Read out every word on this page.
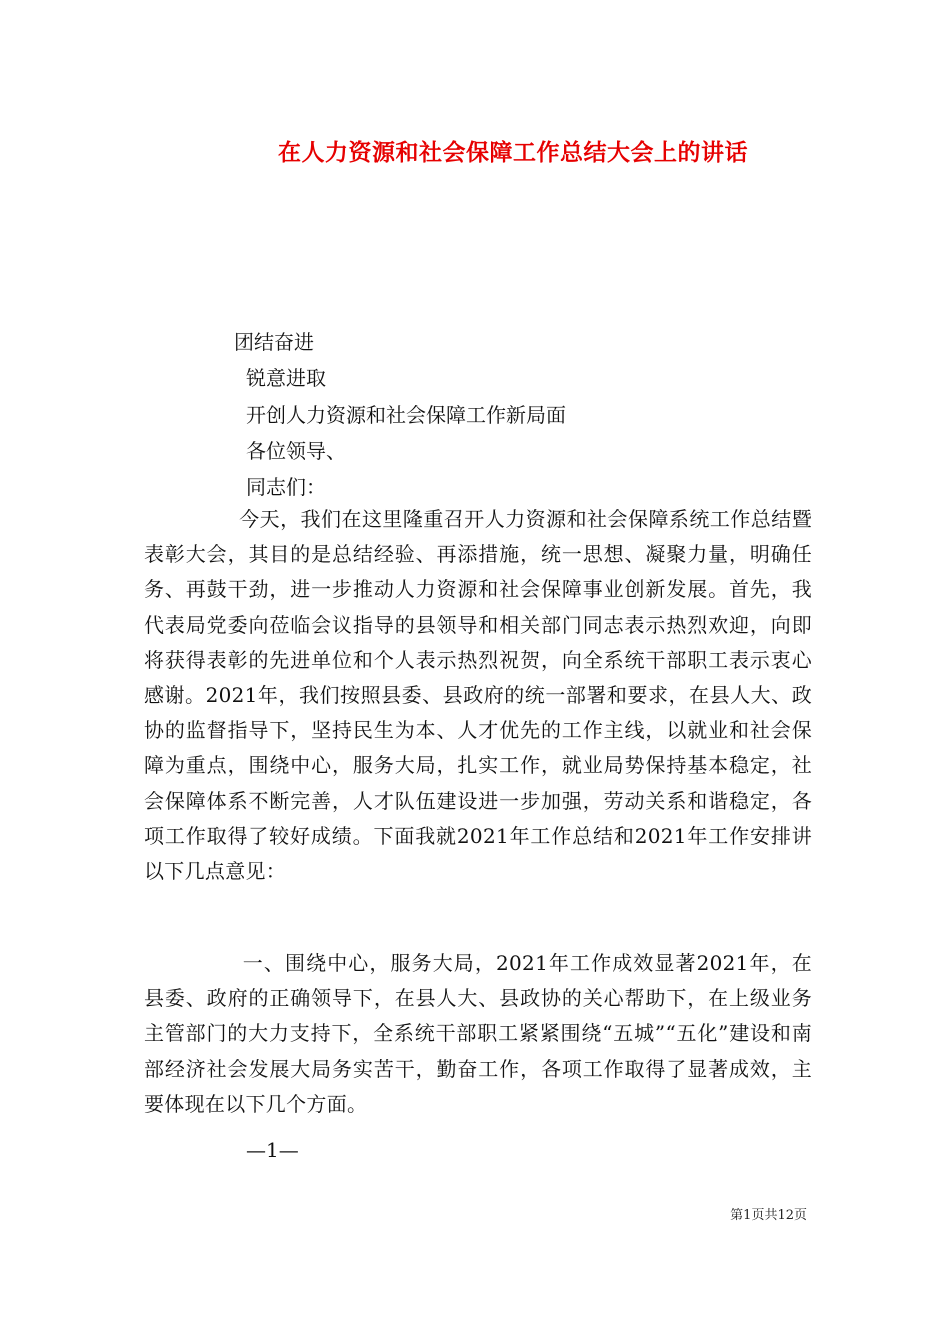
在人力资源和社会保障工作总结大会上的讲话
团结奋进
锐意进取
开创人力资源和社会保障工作新局面
各位领导、
同志们：
今天，我们在这里隆重召开人力资源和社会保障系统工作总结暨表彰大会，其目的是总结经验、再添措施，统一思想、凝聚力量，明确任务、再鼓干劲，进一步推动人力资源和社会保障事业创新发展。首先，我代表局党委向莅临会议指导的县领导和相关部门同志表示热烈欢迎，向即将获得表彰的先进单位和个人表示热烈祝贺，向全系统干部职工表示衷心感谢。2021年，我们按照县委、县政府的统一部署和要求，在县人大、政协的监督指导下，坚持民生为本、人才优先的工作主线，以就业和社会保障为重点，围绕中心，服务大局，扎实工作，就业局势保持基本稳定，社会保障体系不断完善，人才队伍建设进一步加强，劳动关系和谐稳定，各项工作取得了较好成绩。下面我就2021年工作总结和2021年工作安排讲以下几点意见：
一、围绕中心，服务大局，2021年工作成效显著2021年，在县委、政府的正确领导下，在县人大、县政协的关心帮助下，在上级业务主管部门的大力支持下，全系统干部职工紧紧围绕“五城”“五化”建设和南部经济社会发展大局务实苦干，勤奋工作，各项工作取得了显著成效，主要体现在以下几个方面。
—1—
第1页共12页
